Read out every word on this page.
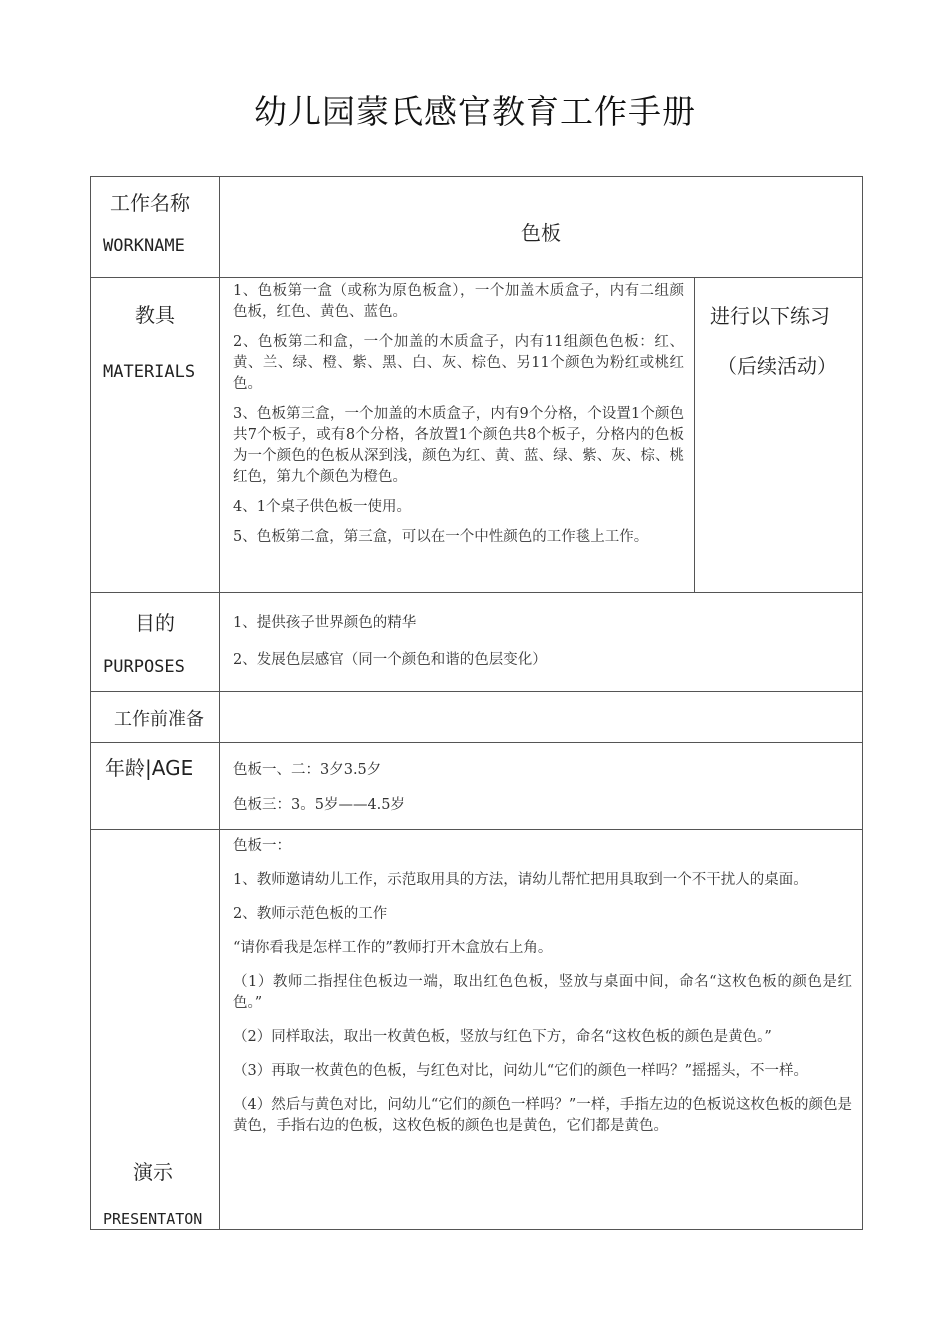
幼儿园蒙氏感官教育工作手册
工作名称
WORKNAME
色板
教具
MATERIALS

1、色板第一盒（或称为原色板盒），一个加盖木质盒子，内有二组颜色板，红色、黄色、蓝色。

2、色板第二和盒，一个加盖的木质盒子，内有11组颜色色板：红、黄、兰、绿、橙、紫、黑、白、灰、棕色、另11个颜色为粉红或桃红色。

3、色板第三盒，一个加盖的木质盒子，内有9个分格，个设置1个颜色共7个板子，或有8个分格，各放置1个颜色共8个板子，分格内的色板为一个颜色的色板从深到浅，颜色为红、黄、蓝、绿、紫、灰、棕、桃红色，第九个颜色为橙色。

4、1个桌子供色板一使用。

5、色板第二盒，第三盒，可以在一个中性颜色的工作毯上工作。

进行以下练习
（后续活动）
目的
PURPOSES
1、提供孩子世界颜色的精华
2、发展色层感官（同一个颜色和谐的色层变化）
工作前准备
年龄|AGE	色板一、二：3夕3.5夕
色板三：3。5岁——4.5岁
演示
PRESENTATON

色板一：

1、教师邀请幼儿工作，示范取用具的方法，请幼儿帮忙把用具取到一个不干扰人的桌面。

2、教师示范色板的工作

“请你看我是怎样工作的”教师打开木盒放右上角。

（1）教师二指捏住色板边一端，取出红色色板，竖放与桌面中间，命名“这枚色板的颜色是红色。”

（2）同样取法，取出一枚黄色板，竖放与红色下方，命名“这枚色板的颜色是黄色。”

（3）再取一枚黄色的色板，与红色对比，问幼儿“它们的颜色一样吗？”摇摇头，不一样。

（4）然后与黄色对比，问幼儿“它们的颜色一样吗？”一样，手指左边的色板说这枚色板的颜色是黄色，手指右边的色板，这枚色板的颜色也是黄色，它们都是黄色。
